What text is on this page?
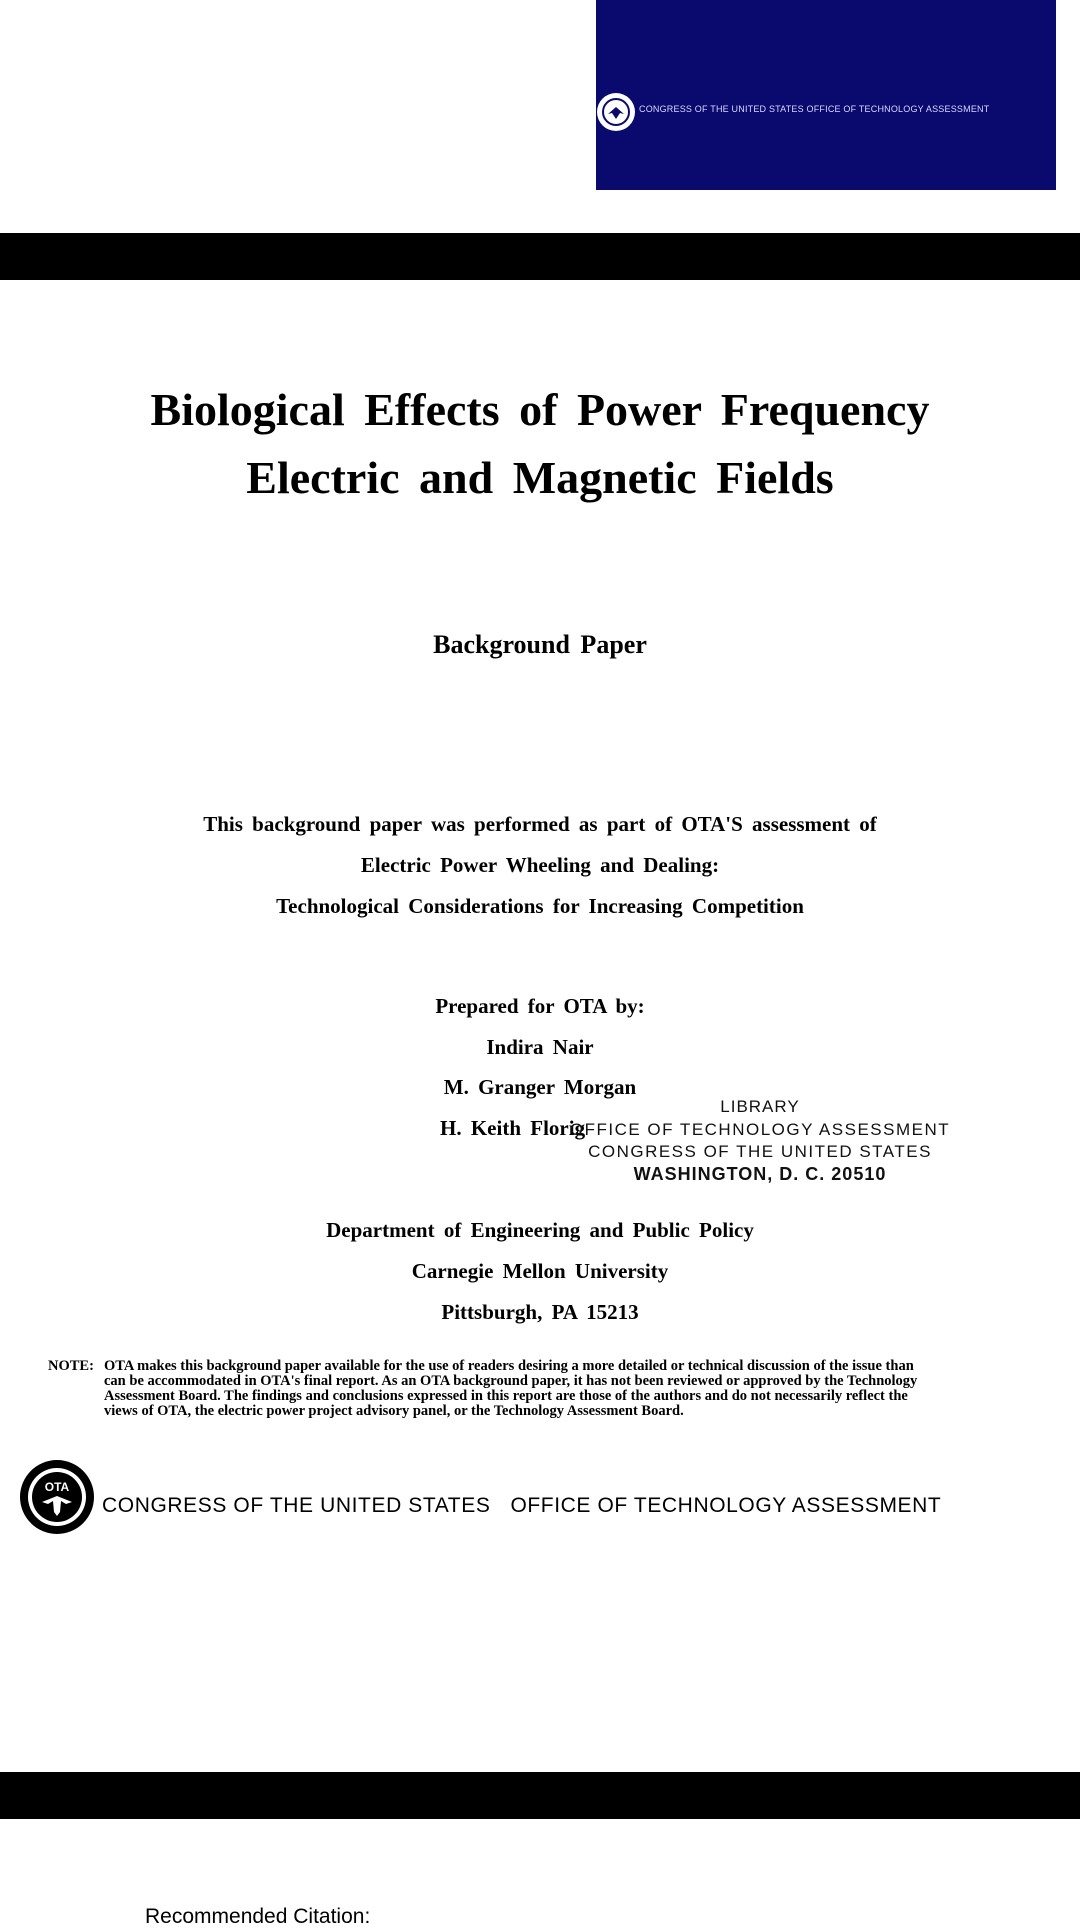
CONGRESS OF THE UNITED STATES OFFICE OF TECHNOLOGY ASSESSMENT
Biological Effects of Power Frequency
Electric and Magnetic Fields
Background Paper
This background paper was performed as part of OTA'S assessment of
Electric Power Wheeling and Dealing:
Technological Considerations for Increasing Competition
Prepared for OTA by:
Indira Nair
M. Granger Morgan
H. Keith Florig
LIBRARY
OFFICE OF TECHNOLOGY ASSESSMENT
CONGRESS OF THE UNITED STATES
WASHINGTON, D. C. 20510
Department of Engineering and Public Policy
Carnegie Mellon University
Pittsburgh, PA 15213
NOTE: OTA makes this background paper available for the use of readers desiring a more detailed or technical discussion of the issue than can be accommodated in OTA's final report. As an OTA background paper, it has not been reviewed or approved by the Technology Assessment Board. The findings and conclusions expressed in this report are those of the authors and do not necessarily reflect the views of OTA, the electric power project advisory panel, or the Technology Assessment Board.
OTA
CONGRESS OF THE UNITED STATES OFFICE OF TECHNOLOGY ASSESSMENT
Recommended Citation:
